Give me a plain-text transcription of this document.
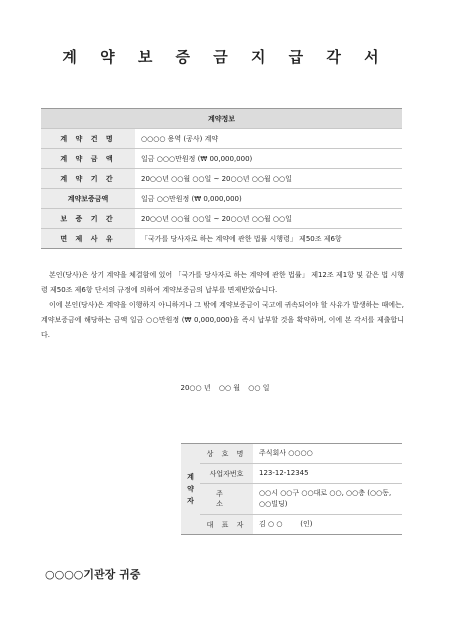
계 약 보 증 금 지 급 각 서
계약정보	
계 약 건 명	○○○○ 용역 (공사) 계약
계 약 금 액	일금 ○○○만원정 (₩ 00,000,000)
계 약 기 간	20○○년 ○○월 ○○일 ~ 20○○년 ○○월 ○○일
계약보증금액	일금 ○○만원정 (₩ 0,000,000)
보 증 기 간	20○○년 ○○월 ○○일 ~ 20○○년 ○○월 ○○일
면 제 사 유	「국가를 당사자로 하는 계약에 관한 법률 시행령」 제50조 제6항

본인(당사)은 상기 계약을 체결함에 있어 「국가를 당사자로 하는 계약에 관한 법률」 제12조 제1항 및 같은 법 시행령 제50조 제6항 단서의 규정에 의하여 계약보증금의 납부를 면제받았습니다.

이에 본인(당사)은 계약을 이행하지 아니하거나 그 밖에 계약보증금이 국고에 귀속되어야 할 사유가 발생하는 때에는, 계약보증금에 해당하는 금액 일금 ○○만원정 (₩ 0,000,000)을 즉시 납부할 것을 확약하며, 이에 본 각서를 제출합니다.

20○○ 년 ○○ 월 ○○ 일
계
약
자	상 호 명	주식회사 ○○○○
	사업자번호	123-12-12345
	주 소	○○시 ○○구 ○○대로 ○○, ○○층 (○○동, ○○빌딩)
	대 표 자	김 ○ ○        (인)
○○○○기관장 귀중
